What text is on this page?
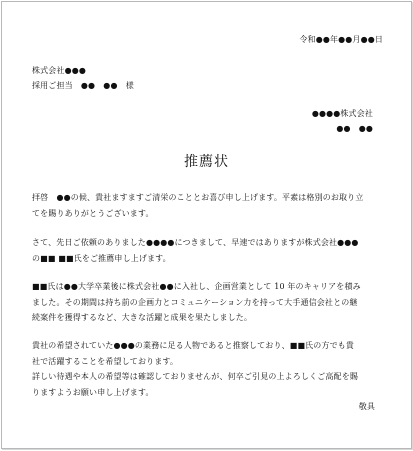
令和●●年●●月●●日
株式会社●●●
採用ご担当　●●　●●　様
●●●●株式会社
●●　●●
推薦状
拝啓　●●の候、貴社ますますご清栄のこととお喜び申し上げます。平素は格別のお取り立
てを賜りありがとうございます。
さて、先日ご依頼のありました●●●●につきまして、早速ではありますが株式会社●●●
の■■ ■■氏をご推薦申し上げます。
■■氏は●●大学卒業後に株式会社●●に入社し、企画営業として 10 年のキャリアを積み
ました。その期間は持ち前の企画力とコミュニケーション力を持って大手通信会社との継
続案件を獲得するなど、大きな活躍と成果を果たしました。
貴社の希望されていた●●●の業務に足る人物であると推察しており、■■氏の方でも貴
社で活躍することを希望しております。
詳しい待遇や本人の希望等は確認しておりませんが、何卒ご引見の上よろしくご高配を賜
りますようお願い申し上げます。
敬具
